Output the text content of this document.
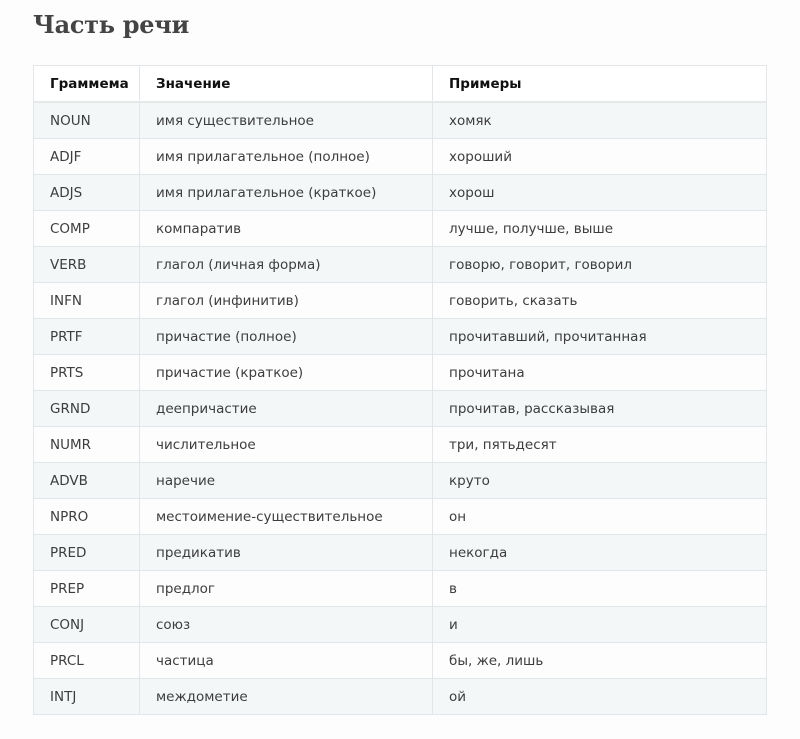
Часть речи
Граммема	Значение	Примеры
NOUN	имя существительное	хомяк
ADJF	имя прилагательное (полное)	хороший
ADJS	имя прилагательное (краткое)	хорош
COMP	компаратив	лучше, получше, выше
VERB	глагол (личная форма)	говорю, говорит, говорил
INFN	глагол (инфинитив)	говорить, сказать
PRTF	причастие (полное)	прочитавший, прочитанная
PRTS	причастие (краткое)	прочитана
GRND	деепричастие	прочитав, рассказывая
NUMR	числительное	три, пятьдесят
ADVB	наречие	круто
NPRO	местоимение-существительное	он
PRED	предикатив	некогда
PREP	предлог	в
CONJ	союз	и
PRCL	частица	бы, же, лишь
INTJ	междометие	ой
